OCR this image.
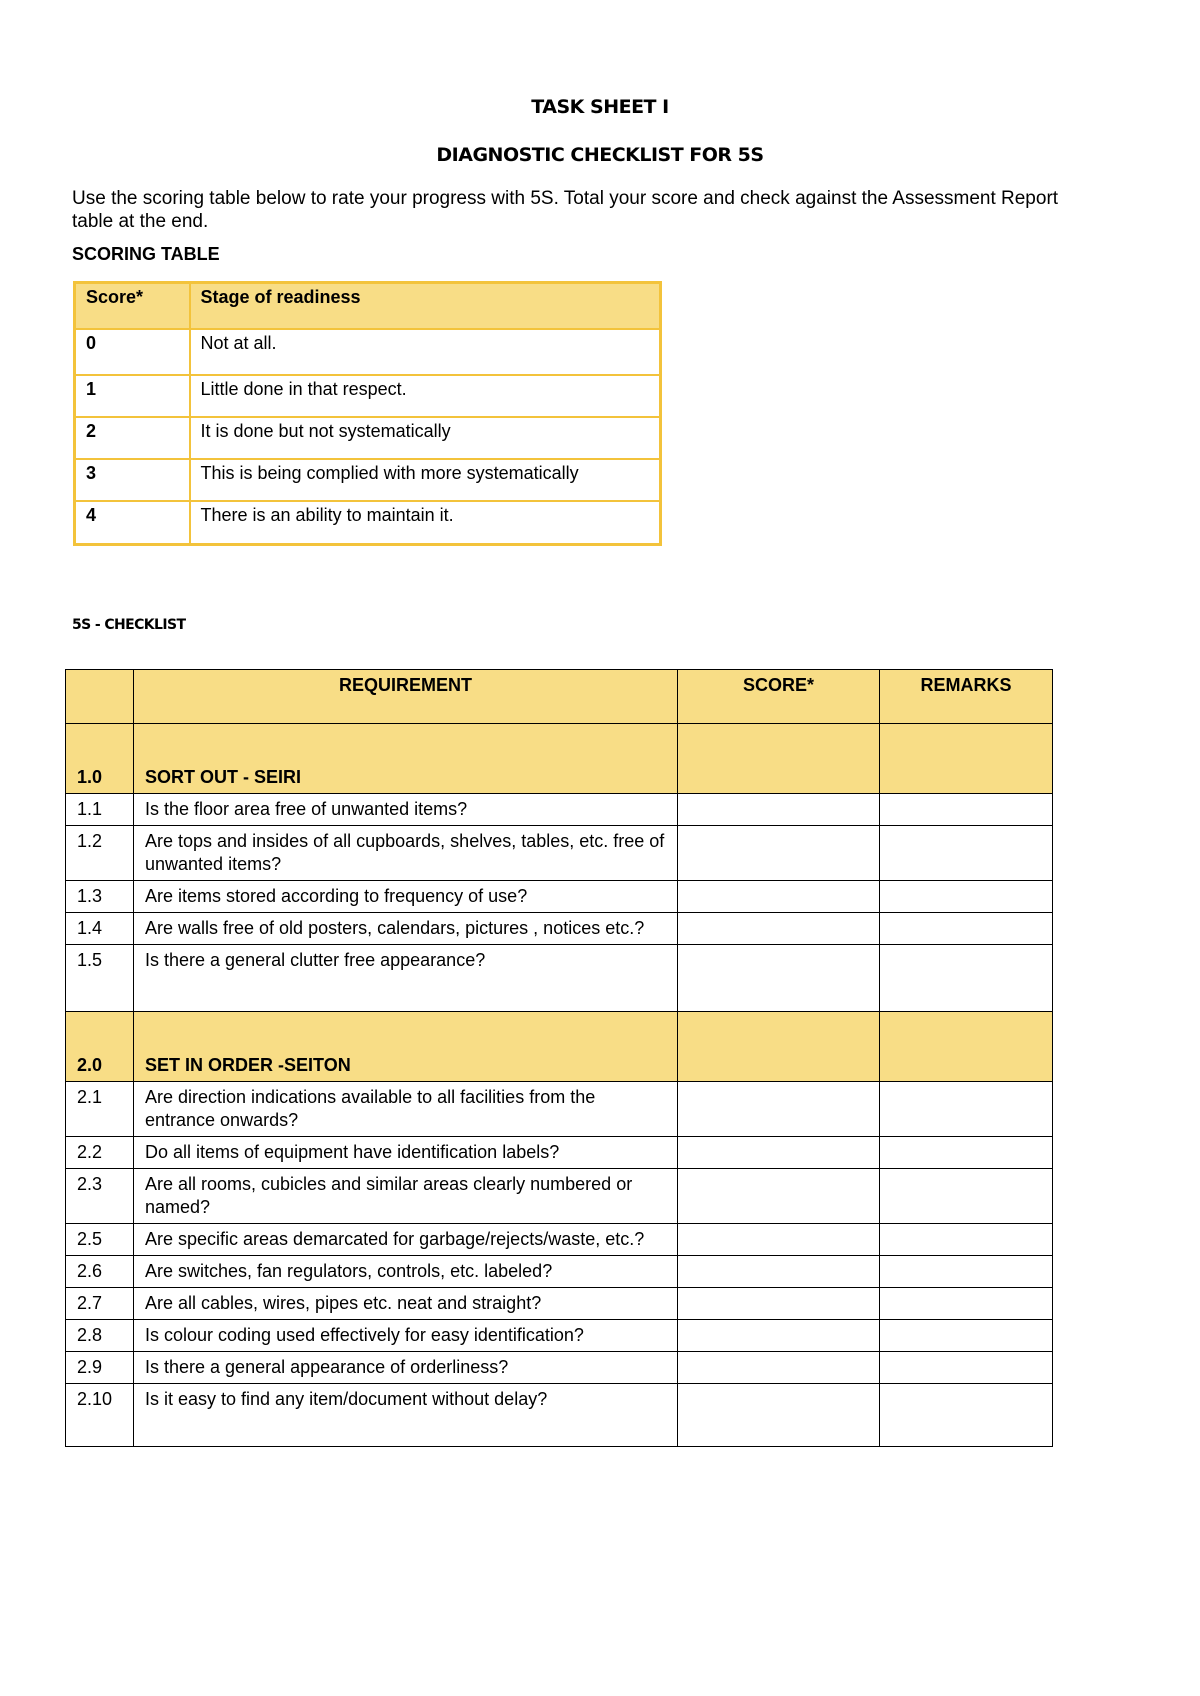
TASK SHEET I
DIAGNOSTIC CHECKLIST FOR 5S
Use the scoring table below to rate your progress with 5S. Total your score and check against the Assessment Report table at the end.
SCORING TABLE
Score*	Stage of readiness
0	Not at all.
1	Little done in that respect.
2	It is done but not systematically
3	This is being complied with more systematically
4	There is an ability to maintain it.
5S - CHECKLIST
	REQUIREMENT	SCORE*	REMARKS
1.0	SORT OUT - SEIRI		
1.1	Is the floor area free of unwanted items?		
1.2	Are tops and insides of all cupboards, shelves, tables, etc. free of unwanted items?		
1.3	Are items stored according to frequency of use?		
1.4	Are walls free of old posters, calendars, pictures , notices etc.?		
1.5	Is there a general clutter free appearance?		
2.0	SET IN ORDER -SEITON		
2.1	Are direction indications available to all facilities from the entrance onwards?		
2.2	Do all items of equipment have identification labels?		
2.3	Are all rooms, cubicles and similar areas clearly numbered or named?		
2.5	Are specific areas demarcated for garbage/rejects/waste, etc.?		
2.6	Are switches, fan regulators, controls, etc. labeled?		
2.7	Are all cables, wires, pipes etc. neat and straight?		
2.8	Is colour coding used effectively for easy identification?		
2.9	Is there a general appearance of orderliness?		
2.10	Is it easy to find any item/document without delay?		
